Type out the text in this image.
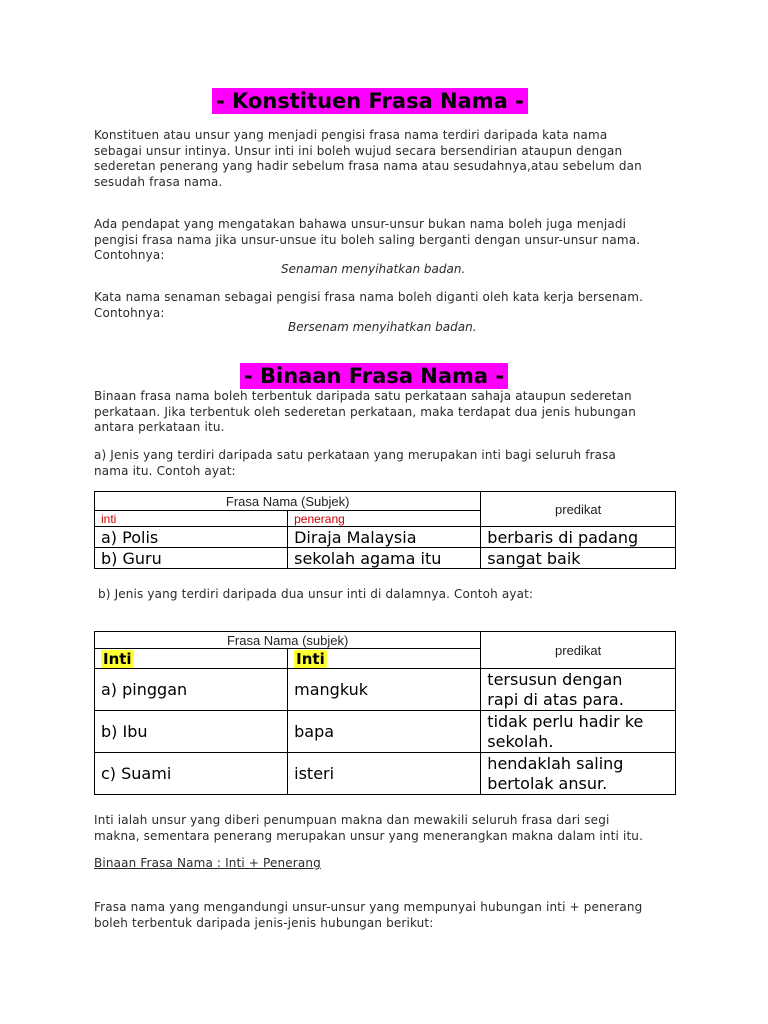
- Konstituen Frasa Nama -

Konstituen atau unsur yang menjadi pengisi frasa nama terdiri daripada kata nama

sebagai unsur intinya. Unsur inti ini boleh wujud secara bersendirian ataupun dengan

sederetan penerang yang hadir sebelum frasa nama atau sesudahnya,atau sebelum dan

sesudah frasa nama.

Ada pendapat yang mengatakan bahawa unsur-unsur bukan nama boleh juga menjadi

pengisi frasa nama jika unsur-unsue itu boleh saling berganti dengan unsur-unsur nama.

Contohnya:

Senaman menyihatkan badan.

Kata nama senaman sebagai pengisi frasa nama boleh diganti oleh kata kerja bersenam.

Contohnya:

Bersenam menyihatkan badan.
- Binaan Frasa Nama -

Binaan frasa nama boleh terbentuk daripada satu perkataan sahaja ataupun sederetan

perkataan. Jika terbentuk oleh sederetan perkataan, maka terdapat dua jenis hubungan

antara perkataan itu.

a) Jenis yang terdiri daripada satu perkataan yang merupakan inti bagi seluruh frasa

nama itu. Contoh ayat:

Frasa Nama (Subjek)		predikat
inti	penerang	
a) Polis	Diraja Malaysia	berbaris di padang
b) Guru	sekolah agama itu	sangat baik

b) Jenis yang terdiri daripada dua unsur inti di dalamnya. Contoh ayat:

Frasa Nama (subjek)		predikat
Inti	Inti	
a) pinggan	mangkuk	tersusun dengan
rapi di atas para.

b) Ibu	bapa	tidak perlu hadir ke
sekolah.

c) Suami	isteri	hendaklah saling
bertolak ansur.

Inti ialah unsur yang diberi penumpuan makna dan mewakili seluruh frasa dari segi

makna, sementara penerang merupakan unsur yang menerangkan makna dalam inti itu.

Binaan Frasa Nama : Inti + Penerang

Frasa nama yang mengandungi unsur-unsur yang mempunyai hubungan inti + penerang

boleh terbentuk daripada jenis-jenis hubungan berikut:
